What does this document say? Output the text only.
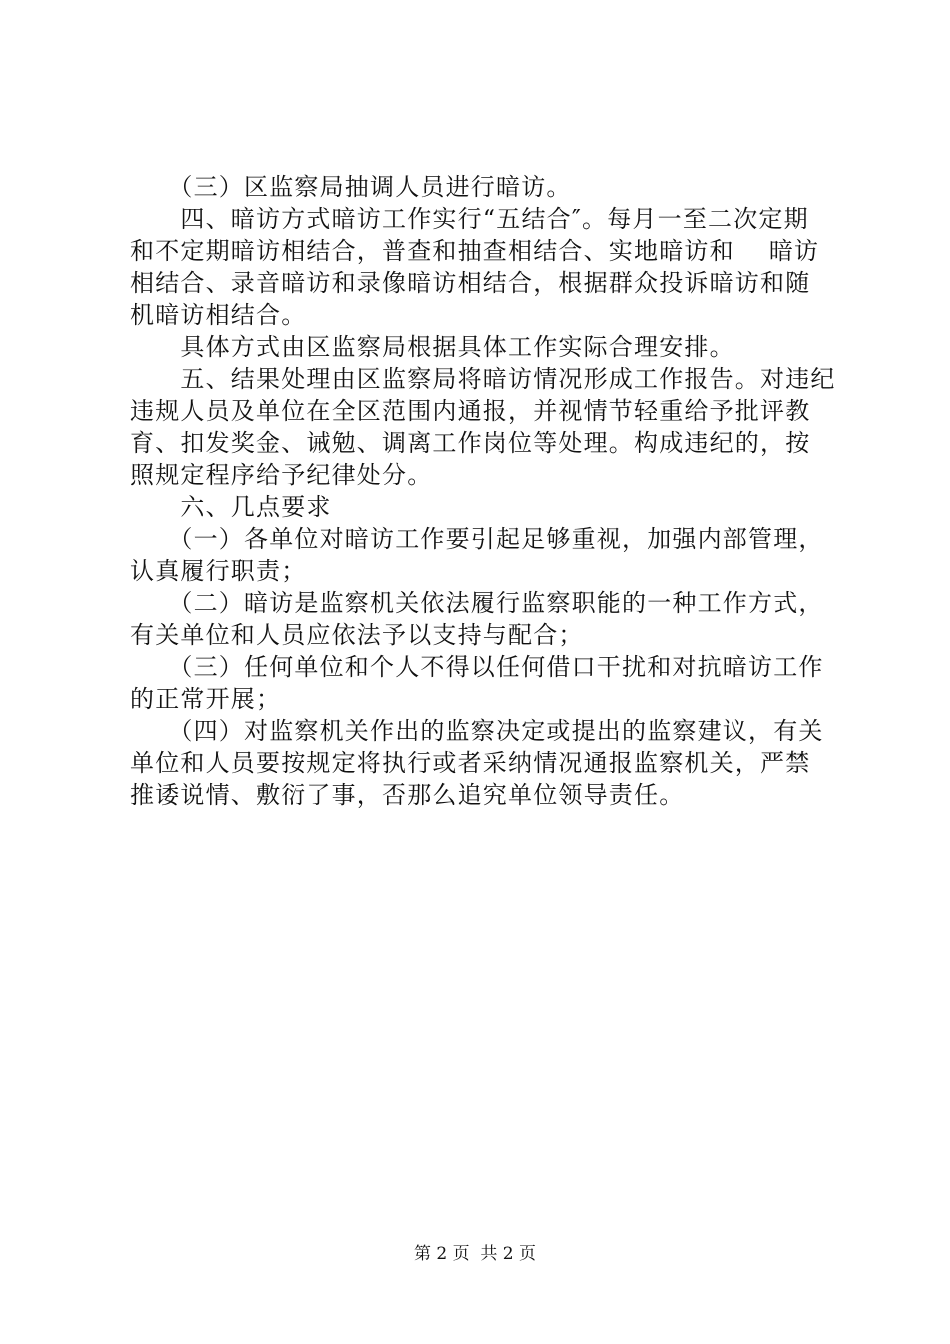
　　（三）区监察局抽调人员进行暗访。
　　四、暗访方式暗访工作实行“五结合″。每月一至二次定期
和不定期暗访相结合，普查和抽查相结合、实地暗访和　 暗访
相结合、录音暗访和录像暗访相结合，根据群众投诉暗访和随
机暗访相结合。
　　具体方式由区监察局根据具体工作实际合理安排。
　　五、结果处理由区监察局将暗访情况形成工作报告。对违纪
违规人员及单位在全区范围内通报，并视情节轻重给予批评教
育、扣发奖金、诫勉、调离工作岗位等处理。构成违纪的，按
照规定程序给予纪律处分。
　　六、几点要求
　　（一）各单位对暗访工作要引起足够重视，加强内部管理，
认真履行职责；
　　（二）暗访是监察机关依法履行监察职能的一种工作方式，
有关单位和人员应依法予以支持与配合；
　　（三）任何单位和个人不得以任何借口干扰和对抗暗访工作
的正常开展；
　　（四）对监察机关作出的监察决定或提出的监察建议，有关
单位和人员要按规定将执行或者采纳情况通报监察机关，严禁
推诿说情、敷衍了事，否那么追究单位领导责任。
第 2 页  共 2 页
